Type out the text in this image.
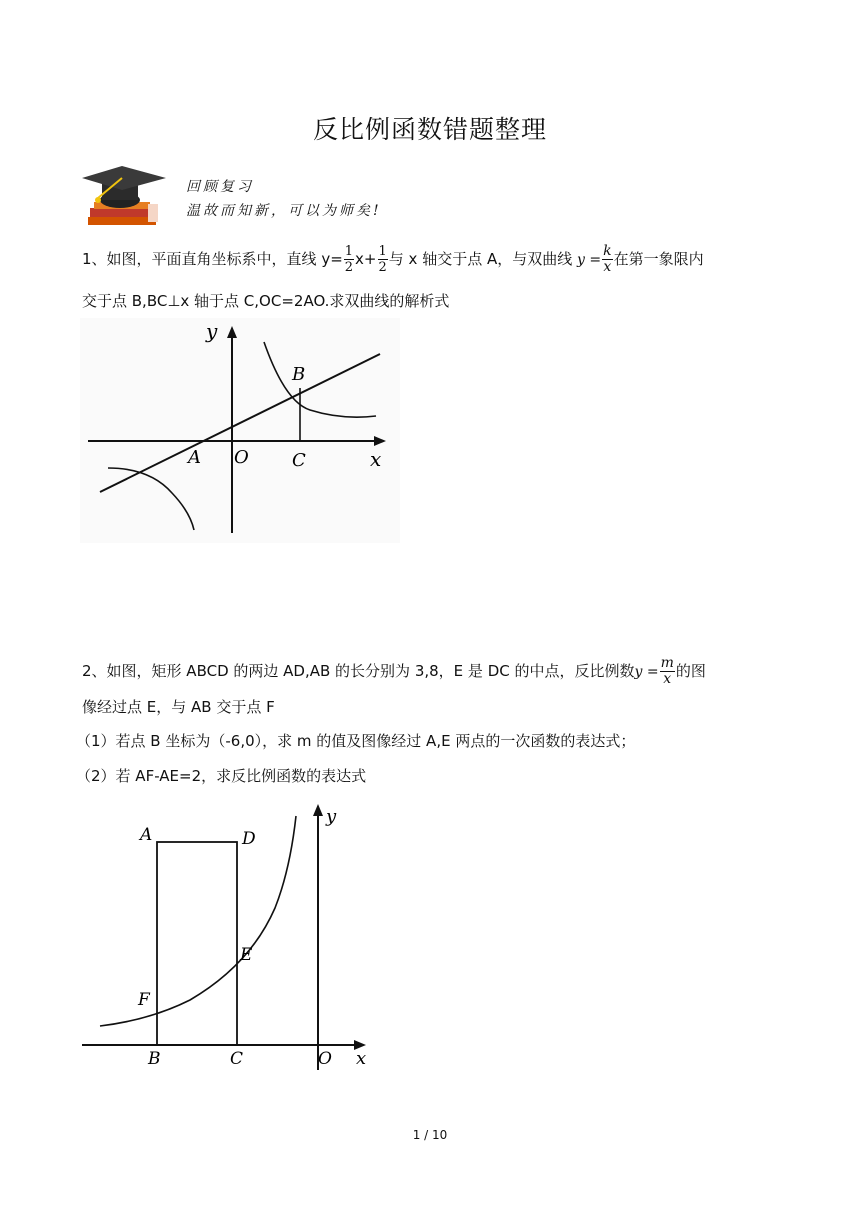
反比例函数错题整理
回顾复习
温故而知新，可以为师矣!
1、如图，平面直角坐标系中，直线 $y= \frac{1}{2} x+ \frac{1}{2}$ 与 x 轴交于点 A，与双曲线 $y = \frac{k}{x}$ 在第一象限内
交于点 B,BC⊥x 轴于点 C,OC=2AO.求双曲线的解析式
y
B
A O C	x
2、如图，矩形 ABCD 的两边 AD,AB 的长分别为 3,8，E 是 DC 的中点，反比例数$y = \frac{m}{x}$ 的图
像经过点 E，与 AB 交于点 F
（1）若点 B 坐标为（-6,0），求 m 的值及图像经过 A,E 两点的一次函数的表达式；
（2）若 AF-AE=2，求反比例函数的表达式
A	D
y
E
F
B	C	O x
1 / 10
